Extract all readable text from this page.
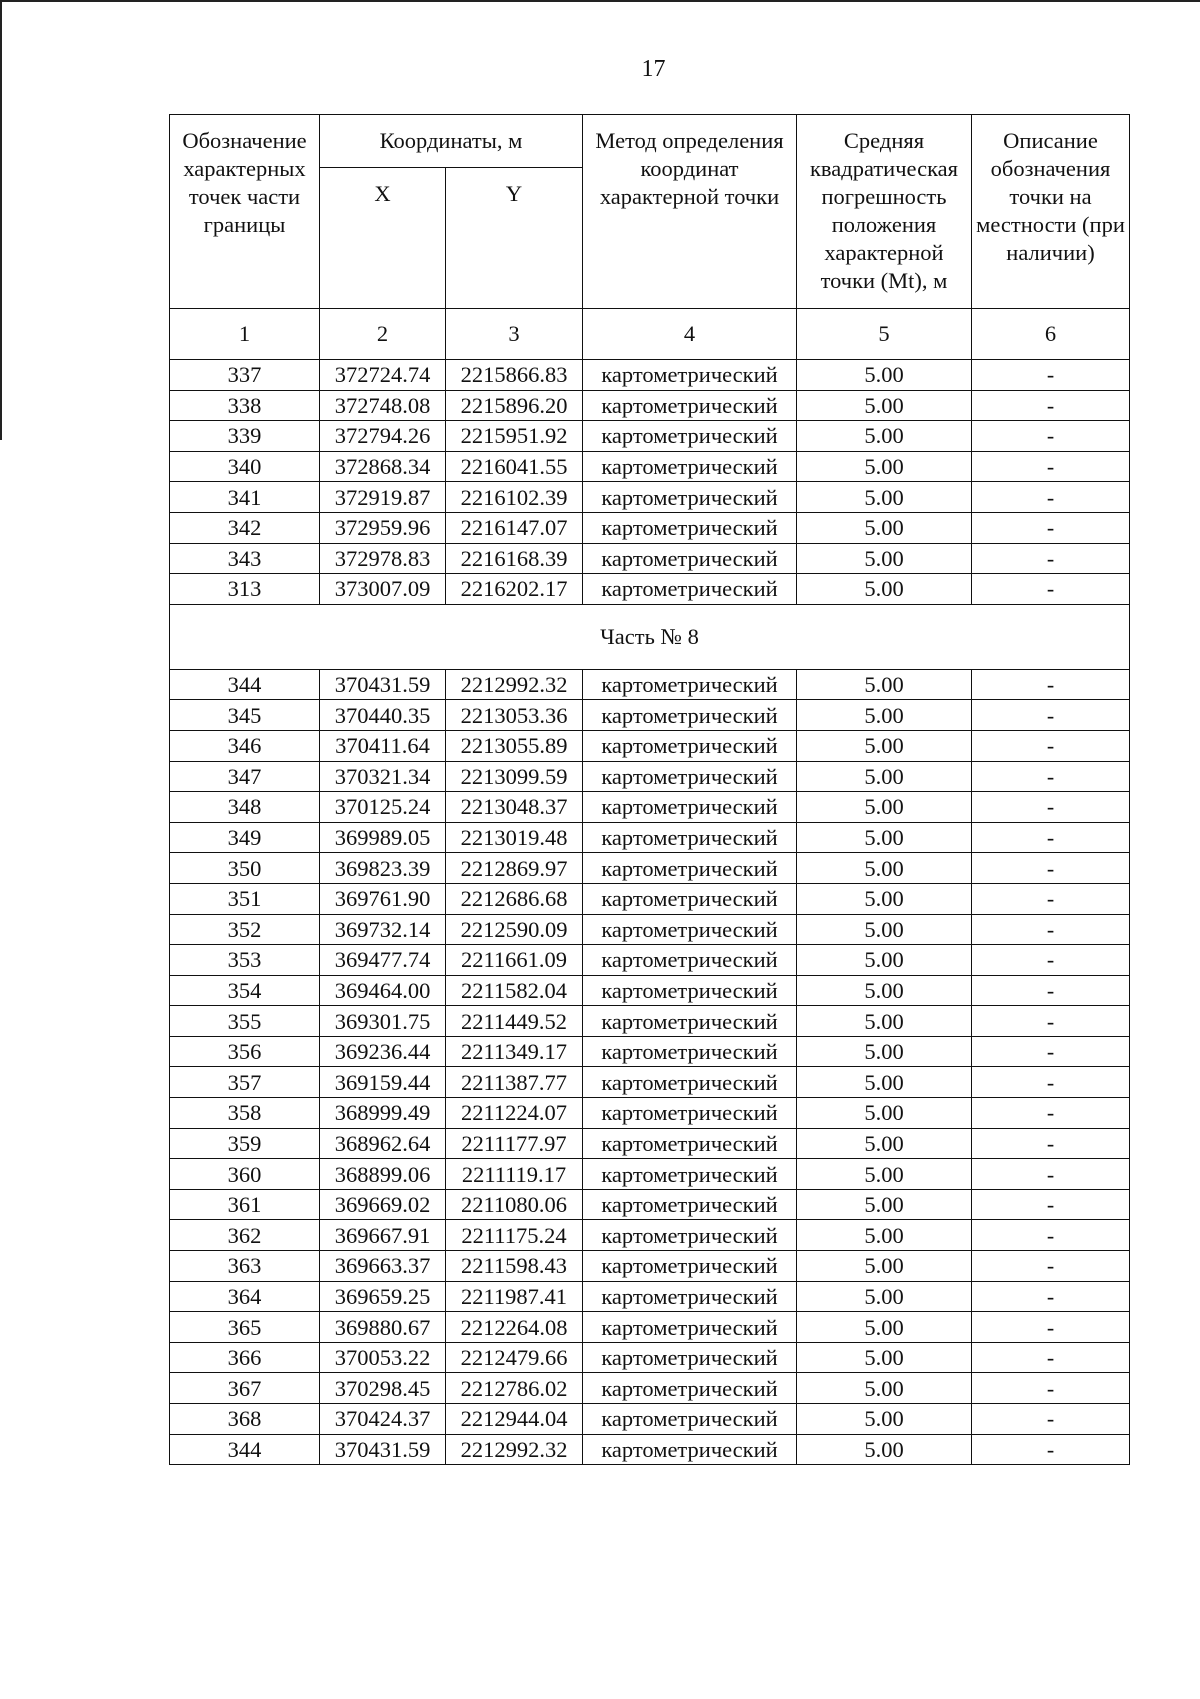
17
Обозначение характерных точек части границы	Координаты, м		Метод определения координат характерной точки	Средняя квадратическая погрешность положения характерной точки (Mt), м	Описание обозначения точки на местности (при наличии)
	X	Y			
1	2	3	4	5	6
337	372724.74	2215866.83	картометрический	5.00	-
338	372748.08	2215896.20	картометрический	5.00	-
339	372794.26	2215951.92	картометрический	5.00	-
340	372868.34	2216041.55	картометрический	5.00	-
341	372919.87	2216102.39	картометрический	5.00	-
342	372959.96	2216147.07	картометрический	5.00	-
343	372978.83	2216168.39	картометрический	5.00	-
313	373007.09	2216202.17	картометрический	5.00	-
Часть № 8					
344	370431.59	2212992.32	картометрический	5.00	-
345	370440.35	2213053.36	картометрический	5.00	-
346	370411.64	2213055.89	картометрический	5.00	-
347	370321.34	2213099.59	картометрический	5.00	-
348	370125.24	2213048.37	картометрический	5.00	-
349	369989.05	2213019.48	картометрический	5.00	-
350	369823.39	2212869.97	картометрический	5.00	-
351	369761.90	2212686.68	картометрический	5.00	-
352	369732.14	2212590.09	картометрический	5.00	-
353	369477.74	2211661.09	картометрический	5.00	-
354	369464.00	2211582.04	картометрический	5.00	-
355	369301.75	2211449.52	картометрический	5.00	-
356	369236.44	2211349.17	картометрический	5.00	-
357	369159.44	2211387.77	картометрический	5.00	-
358	368999.49	2211224.07	картометрический	5.00	-
359	368962.64	2211177.97	картометрический	5.00	-
360	368899.06	2211119.17	картометрический	5.00	-
361	369669.02	2211080.06	картометрический	5.00	-
362	369667.91	2211175.24	картометрический	5.00	-
363	369663.37	2211598.43	картометрический	5.00	-
364	369659.25	2211987.41	картометрический	5.00	-
365	369880.67	2212264.08	картометрический	5.00	-
366	370053.22	2212479.66	картометрический	5.00	-
367	370298.45	2212786.02	картометрический	5.00	-
368	370424.37	2212944.04	картометрический	5.00	-
344	370431.59	2212992.32	картометрический	5.00	-
